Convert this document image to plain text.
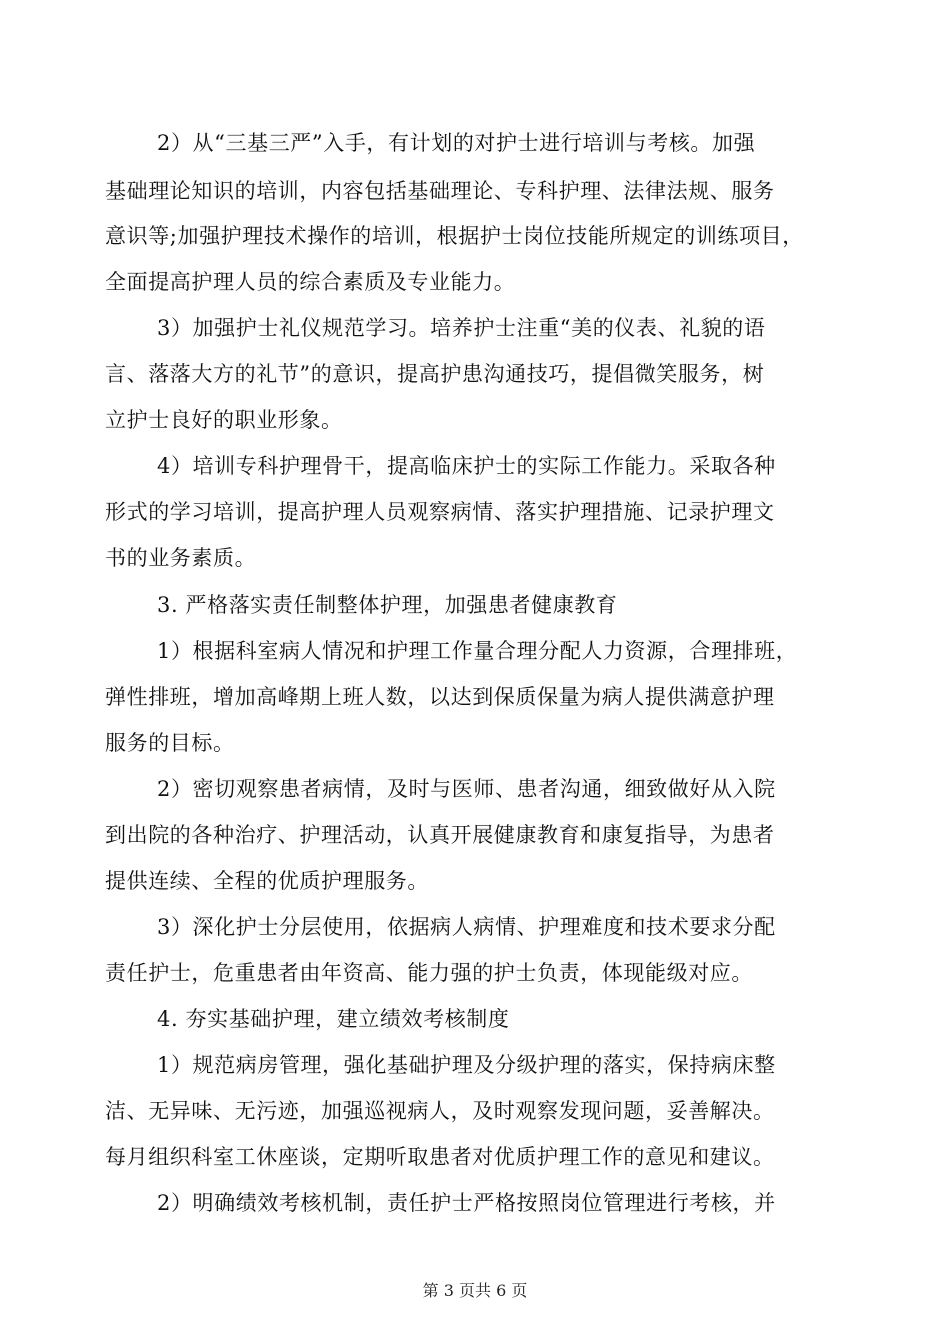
2）从“三基三严”入手，有计划的对护士进行培训与考核。加强
基础理论知识的培训，内容包括基础理论、专科护理、法律法规、服务
意识等;加强护理技术操作的培训，根据护士岗位技能所规定的训练项目，
全面提高护理人员的综合素质及专业能力。
3）加强护士礼仪规范学习。培养护士注重“美的仪表、礼貌的语
言、落落大方的礼节”的意识，提高护患沟通技巧，提倡微笑服务，树
立护士良好的职业形象。
4）培训专科护理骨干，提高临床护士的实际工作能力。采取各种
形式的学习培训，提高护理人员观察病情、落实护理措施、记录护理文
书的业务素质。
3. 严格落实责任制整体护理，加强患者健康教育
1）根据科室病人情况和护理工作量合理分配人力资源，合理排班，
弹性排班，增加高峰期上班人数，以达到保质保量为病人提供满意护理
服务的目标。
2）密切观察患者病情，及时与医师、患者沟通，细致做好从入院
到出院的各种治疗、护理活动，认真开展健康教育和康复指导，为患者
提供连续、全程的优质护理服务。
3）深化护士分层使用，依据病人病情、护理难度和技术要求分配
责任护士，危重患者由年资高、能力强的护士负责，体现能级对应。
4. 夯实基础护理，建立绩效考核制度
1）规范病房管理，强化基础护理及分级护理的落实，保持病床整
洁、无异味、无污迹，加强巡视病人，及时观察发现问题，妥善解决。
每月组织科室工休座谈，定期听取患者对优质护理工作的意见和建议。
2）明确绩效考核机制，责任护士严格按照岗位管理进行考核，并
第 3 页共 6 页
